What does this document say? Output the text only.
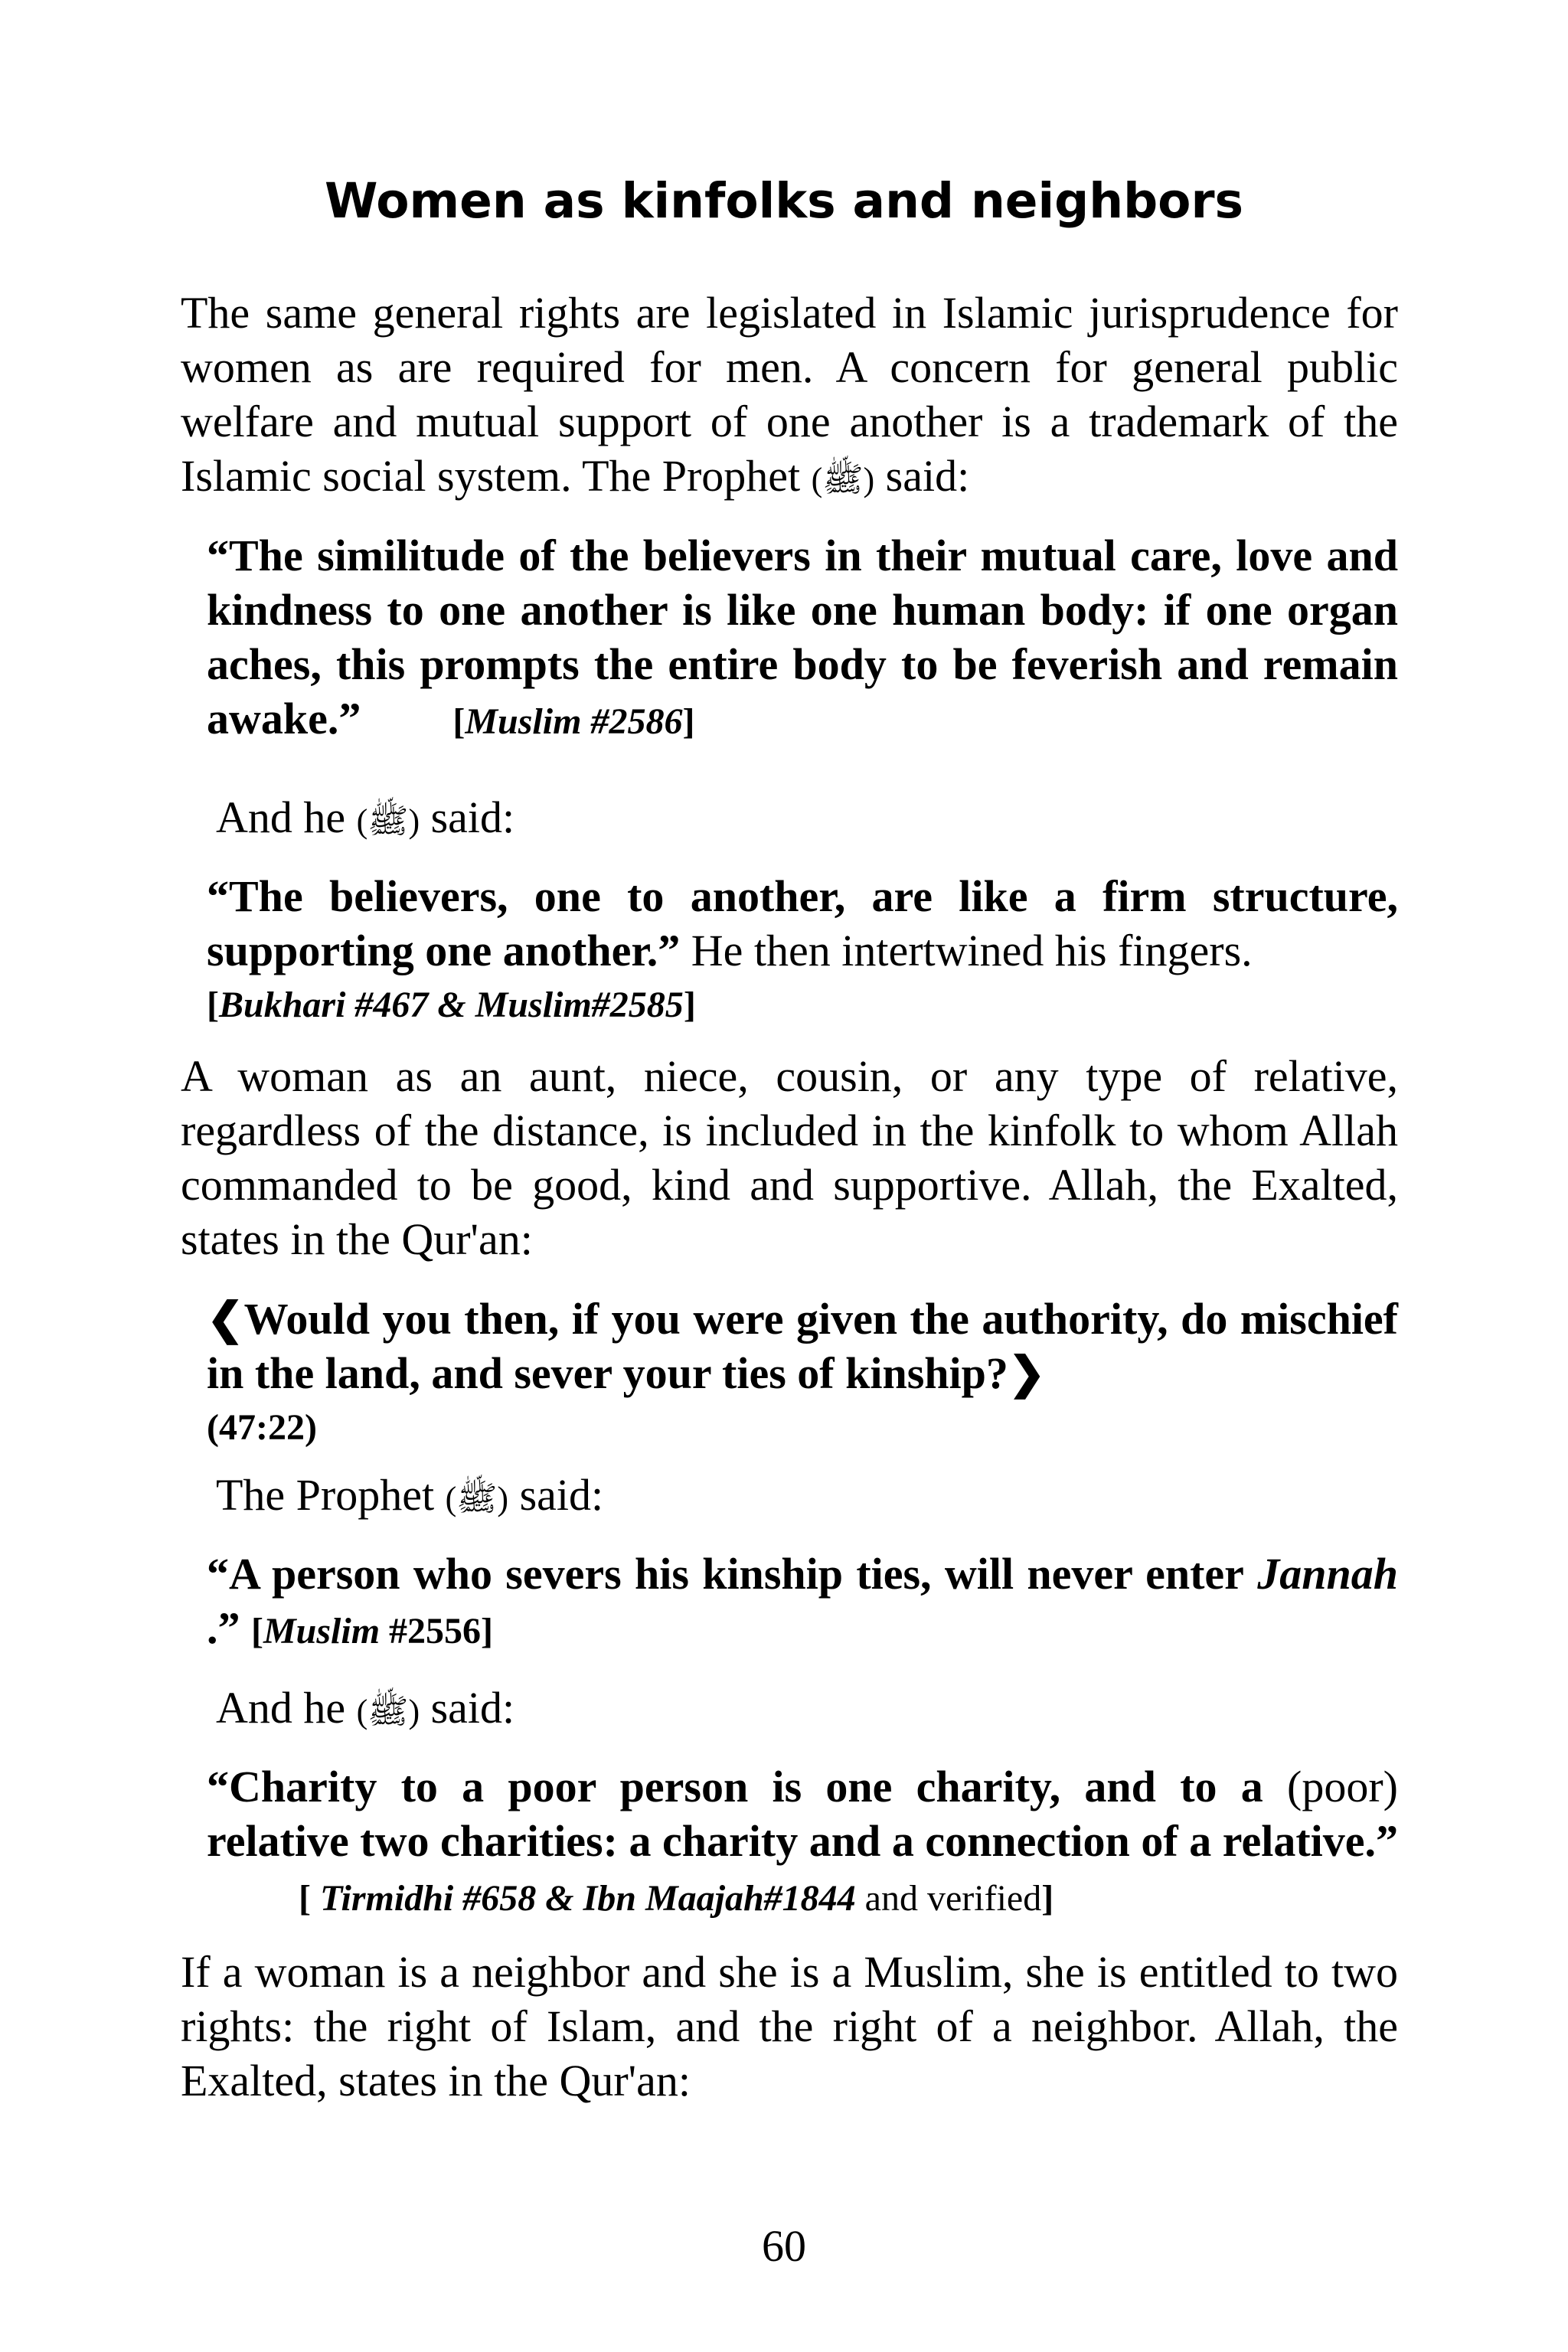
Women as kinfolks and neighbors
The same general rights are legislated in Islamic jurisprudence for women as are required for men. A concern for general public welfare and mutual support of one another is a trademark of the Islamic social system. The Prophet (ﷺ) said:
“The similitude of the believers in their mutual care, love and kindness to one another is like one human body: if one organ aches, this prompts the entire body to be feverish and remain awake.”	[Muslim #2586]
And he (ﷺ) said:
“The believers, one to another, are like a firm structure, supporting one another.” He then intertwined his fingers.
[Bukhari #467 & Muslim#2585]
A woman as an aunt, niece, cousin, or any type of relative, regardless of the distance, is included in the kinfolk to whom Allah commanded to be good, kind and supportive. Allah, the Exalted, states in the Qur'an:
❮Would you then, if you were given the authority, do mischief in the land, and sever your ties of kinship?❯
(47:22)
The Prophet (ﷺ) said:
“A person who severs his kinship ties, will never enter Jannah .” [Muslim #2556]
And he (ﷺ) said:
“Charity to a poor person is one charity, and to a (poor) relative two charities: a charity and a connection of a relative.”[ Tirmidhi #658 & Ibn Maajah#1844 and verified]
If a woman is a neighbor and she is a Muslim, she is entitled to two rights: the right of Islam, and the right of a neighbor. Allah, the Exalted, states in the Qur'an:
60
